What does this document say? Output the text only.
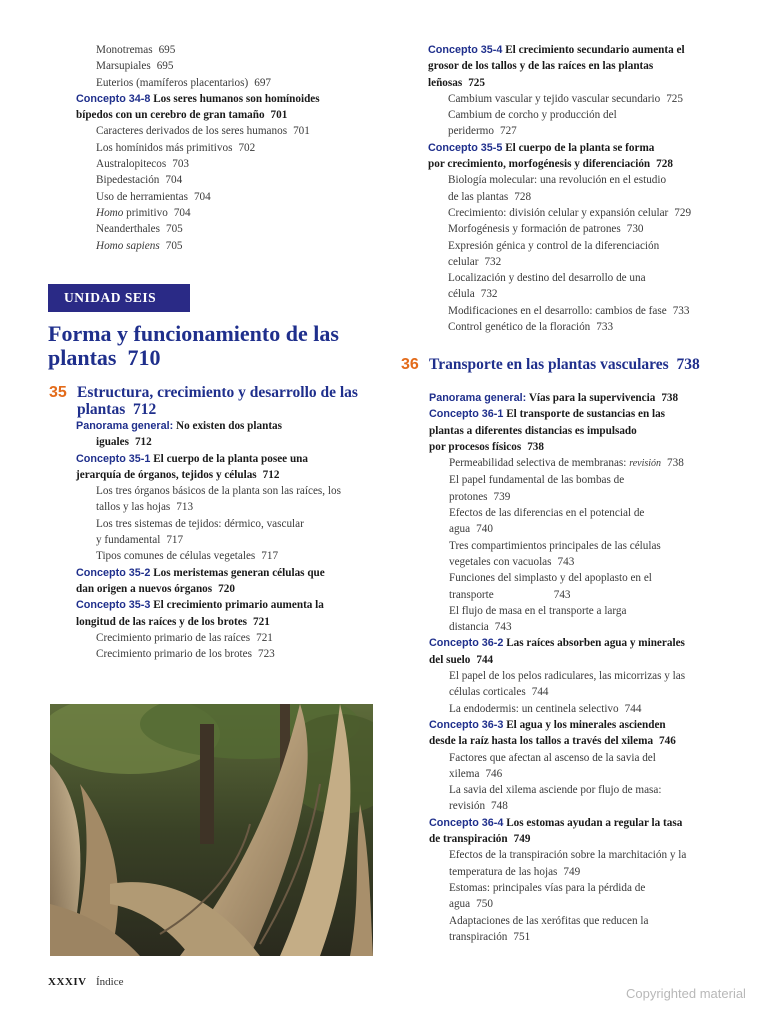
Monotremas 695
Marsupiales 695
Euterios (mamíferos placentarios) 697
Concepto 34-8 Los seres humanos son homínoides
bípedos con un cerebro de gran tamaño 701
Caracteres derivados de los seres humanos 701
Los homínidos más primitivos 702
Australopitecos 703
Bipedestación 704
Uso de herramientas 704
Homo primitivo 704
Neanderthales 705
Homo sapiens 705
UNIDAD SEIS
Forma y funcionamiento de las plantas 710
35 Estructura, crecimiento y desarrollo de las plantas 712
Panorama general: No existen dos plantas
iguales 712
Concepto 35-1 El cuerpo de la planta posee una
jerarquía de órganos, tejidos y células 712
Los tres órganos básicos de la planta son las raíces, los
tallos y las hojas 713
Los tres sistemas de tejidos: dérmico, vascular
y fundamental 717
Tipos comunes de células vegetales 717
Concepto 35-2 Los meristemas generan células que
dan origen a nuevos órganos 720
Concepto 35-3 El crecimiento primario aumenta la
longitud de las raíces y de los brotes 721
Crecimiento primario de las raíces 721
Crecimiento primario de los brotes 723
Concepto 35-4 El crecimiento secundario aumenta el
grosor de los tallos y de las raíces en las plantas
leñosas 725
Cambium vascular y tejido vascular secundario 725
Cambium de corcho y producción del
peridermo 727
Concepto 35-5 El cuerpo de la planta se forma
por crecimiento, morfogénesis y diferenciación 728
Biología molecular: una revolución en el estudio
de las plantas 728
Crecimiento: división celular y expansión celular 729
Morfogénesis y formación de patrones 730
Expresión génica y control de la diferenciación
celular 732
Localización y destino del desarrollo de una
célula 732
Modificaciones en el desarrollo: cambios de fase 733
Control genético de la floración 733
36 Transporte en las plantas vasculares 738
Panorama general: Vías para la supervivencia 738
Concepto 36-1 El transporte de sustancias en las
plantas a diferentes distancias es impulsado
por procesos físicos 738
Permeabilidad selectiva de membranas: revisión 738
El papel fundamental de las bombas de
protones 739
Efectos de las diferencias en el potencial de
agua 740
Tres compartimientos principales de las células
vegetales con vacuolas 743
Funciones del simplasto y del apoplasto en el
transporte	743
El flujo de masa en el transporte a larga
distancia 743
Concepto 36-2 Las raíces absorben agua y minerales
del suelo 744
El papel de los pelos radiculares, las micorrizas y las
células corticales 744
La endodermis: un centinela selectivo 744
Concepto 36-3 El agua y los minerales ascienden
desde la raíz hasta los tallos a través del xilema 746
Factores que afectan al ascenso de la savia del
xilema 746
La savia del xilema asciende por flujo de masa:
revisión 748
Concepto 36-4 Los estomas ayudan a regular la tasa
de transpiración 749
Efectos de la transpiración sobre la marchitación y la
temperatura de las hojas 749
Estomas: principales vías para la pérdida de
agua 750
Adaptaciones de las xerófitas que reducen la
transpiración 751
XXXIV Índice
Copyrighted material
